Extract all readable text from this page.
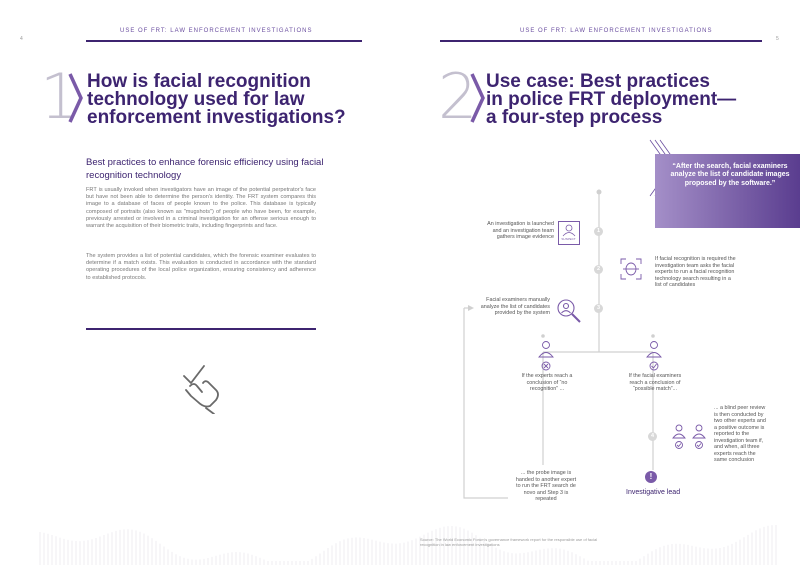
4
USE OF FRT: LAW ENFORCEMENT INVESTIGATIONS
1 How is facial recognition
technology used for law
enforcement investigations?
Best practices to enhance forensic efficiency using facial recognition technology
FRT is usually invoked when investigators have an image of the potential perpetrator's face but have not been able to determine the person's identity. The FRT system compares this image to a database of faces of people known to the police. This database is typically composed of portraits (also known as "mugshots") of people who have been, for example, previously arrested or involved in a criminal investigation for an offense serious enough to warrant the acquisition of their biometric traits, including fingerprints and face.
The system provides a list of potential candidates, which the forensic examiner evaluates to determine if a match exists. This evaluation is conducted in accordance with the standard operating procedures of the local police organization, ensuring consistency and adherence to established protocols.
USE OF FRT: LAW ENFORCEMENT INVESTIGATIONS
5
2 Use case: Best practices
in police FRT deployment—
a four-step process
“After the search, facial examiners analyze the list of candidate images proposed by the software.”
1
2
3
4
An investigation is launched and an investigation team gathers image evidence SUSPECT
If facial recognition is required the investigation team asks the facial experts to run a facial recognition technology search resulting in a list of candidates
Facial examiners manually analyze the list of candidates provided by the system
If the experts reach a conclusion of “no recognition” ...
If the facial examiners reach a conclusion of “possible match”...
... a blind peer review is then conducted by two other experts and a positive outcome is reported to the investigation team if, and when, all three experts reach the same conclusion
... the probe image is handed to another expert to run the FRT search de novo and Step 3 is repeated
!
Investigative lead
Source: The World Economic Forum's governance framework report for the responsible use of facial recognition in law enforcement investigations
